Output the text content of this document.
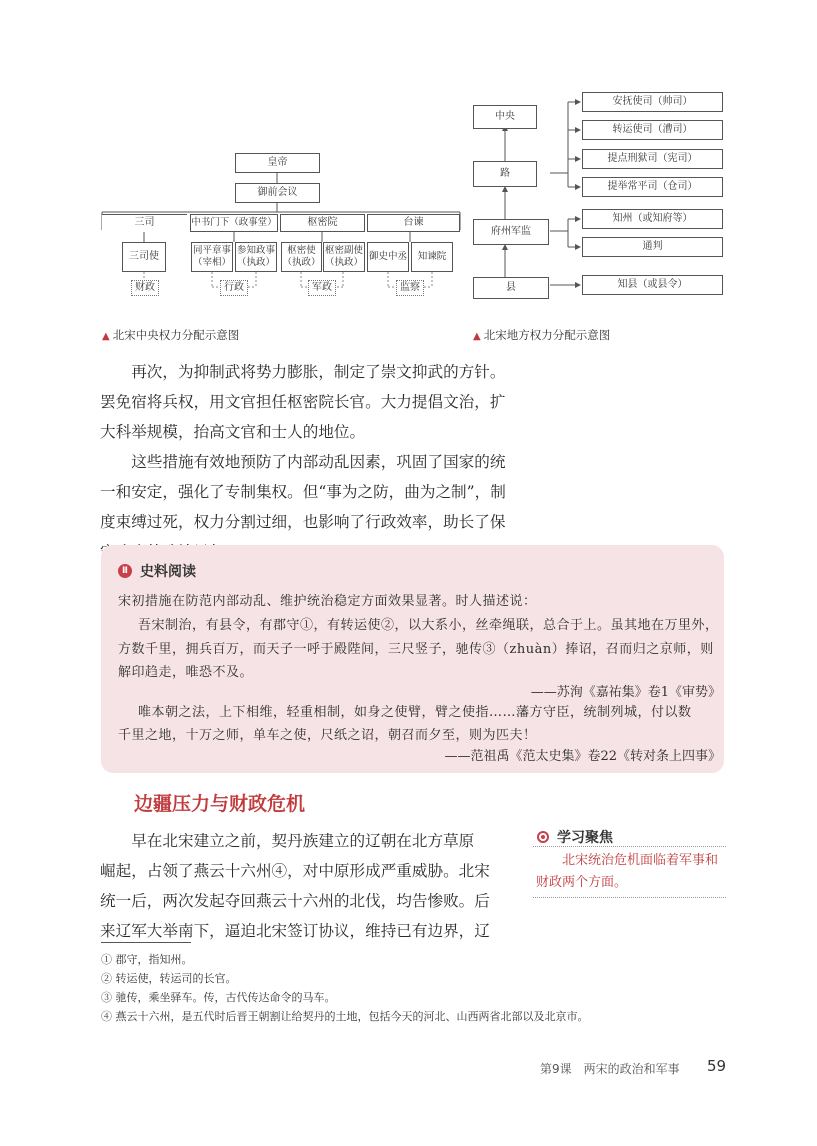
皇帝
御前会议
三司	中书门下（政事堂）	枢密院	台谏
三司使
同平章事
（宰相）
参知政事
（执政）
枢密使
（执政）
枢密副使
（执政）
御史中丞	知谏院
财政	行政	军政	监察
▲ 北宋中央权力分配示意图
中央
路
府州军监
县
安抚使司（帅司）
转运使司（漕司）
提点刑狱司（宪司）
提举常平司（仓司）
知州（或知府等）
通判
知县（或县令）
▲ 北宋地方权力分配示意图

再次，为抑制武将势力膨胀，制定了崇文抑武的方针。罢免宿将兵权，用文官担任枢密院长官。大力提倡文治，扩大科举规模，抬高文官和士人的地位。

这些措施有效地预防了内部动乱因素，巩固了国家的统一和安定，强化了专制集权。但“事为之防，曲为之制”，制度束缚过死，权力分割过细，也影响了行政效率，助长了保

Ⅱ 史料阅读
宋初措施在防范内部动乱、维护统治稳定方面效果显著。时人描述说：
吾宋制治，有县令，有郡守①，有转运使②，以大系小，丝牵绳联，总合于上。虽其地在万里外，
方数千里，拥兵百万，而天子一呼于殿陛间，三尺竖子，驰传③（zhuàn）捧诏，召而归之京师，则
解印趋走，唯恐不及。
——苏洵《嘉祐集》卷1《审势》
唯本朝之法，上下相维，轻重相制，如身之使臂，臂之使指……藩方守臣，统制列城，付以数
千里之地，十万之师，单车之使，尺纸之诏，朝召而夕至，则为匹夫！
——范祖禹《范太史集》卷22《转对条上四事》
边疆压力与财政危机
早在北宋建立之前，契丹族建立的辽朝在北方草原
崛起，占领了燕云十六州④，对中原形成严重威胁。北宋
统一后，两次发起夺回燕云十六州的北伐，均告惨败。后
来辽军大举南下，逼迫北宋签订协议，维持已有边界，辽
学习聚焦
北宋统治危机面临着军事和财政两个方面。
① 郡守，指知州。
② 转运使，转运司的长官。
③ 驰传，乘坐驿车。传，古代传达命令的马车。
④ 燕云十六州，是五代时后晋王朝割让给契丹的土地，包括今天的河北、山西两省北部以及北京市。
第9课　两宋的政治和军事 59
